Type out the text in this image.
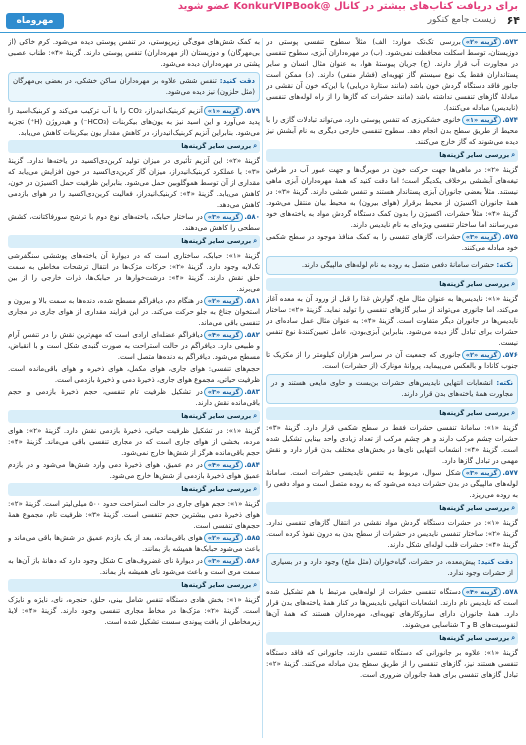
برای دریافت کتاب‌های بیشتر در کانال @KonkurVIPBook عضو شوید
۶۴
زیست جامع کنکور
مهروماه

۵۷۳.گزینه «۲»بررسی تک‌تک موارد: الف) مثلاً سطوح تنفسی پوستی در دوزیستان، توسط اسکلت محافظت نمی‌شود. (ب) در مهره‌داران آبزی، سطوح تنفسی در مجاورت آب قرار دارند. (ج) جریان پیوستهٔ هوا، به عنوان مثال انسان و سایر پستانداران فقط یک نوع سیستم گاز تهویه‌ای (فشار منفی) دارند. (د) ممکن است جانور فاقد دستگاه گردش خون باشد (مانند ستارهٔ دریایی) یا این‌که خون آن نقشی در مبادلهٔ گازهای تنفسی نداشته باشد (مانند حشرات که گازها را از راه لوله‌های تنفسی (نایدیس) مبادله می‌کنند).

۵۷۴.گزینه «۱»خانوی خشکی‌زی که تنفس پوستی دارد، می‌تواند تبادلات گازی را با محیط از طریق سطح بدن انجام دهد. سطوح تنفسی خارجی دیگری به نام آبشش نیز دیده می‌شوند که گاز خارج می‌کنند.

⌕بررسی سایر گزینه‌ها

گزینهٔ «۲»: در ماهی‌ها جهت حرکت خون در مویرگ‌ها و جهت عبور آب در طرفین تیغه‌های آبششی برخلاف یکدیگر است؛ اما دقت کنید که همهٔ مهره‌داران آبزی ماهی نیستند. مثلاً بعضی جانوران آبزی پستاندار هستند و تنفس ششی دارند. گزینهٔ «۳»: در همهٔ جانوران اکسیژن از محیط برقرار (هوای بیرون) به محیط بیان منتقل می‌شود. گزینهٔ «۴»: مثلاً حشرات، اکسیژن را بدون کمک دستگاه گردش مواد به یاخته‌های خود می‌رسانند اما ساختار تنفسی ویژه‌ای به نام نایدیس دارند.

۵۷۵.گزینه «۳»حشرات، گازهای تنفسی را به کمک منافذ موجود در سطح شکمی خود مبادله می‌کنند.

نکته: حشرات سامانهٔ دفعی متصل به روده به نام لوله‌های مالپیگی دارند.
⌕بررسی سایر گزینه‌ها

گزینهٔ «۱»: نایدیس‌ها به عنوان مثال ملخ، گوارش غذا را قبل از ورود آن به معده آغاز می‌کند، اما جانوری می‌تواند از سایر گازهای تنفسی را تولید نماید. گزینهٔ «۲»: ساختار نایدیس‌ها در جانوران دیگر متفاوت است. گزینهٔ «۴»: به عنوان مثال عمل ساده‌ای در حشرات برای تبادل گاز دیده می‌شود. بنابراین آبزی‌بودن، عامل تعیین‌کنندهٔ نوع تنفس نیست.

۵۷۶.گزینه «۲»جانوری که جمعیت آن در سراسر هزاران کیلومتر را از مکزیک تا جنوب کانادا و بالعکس می‌پیماید، پروانهٔ مونارک (از حشرات) است.

نکته: انشعابات انتهایی نایدیس‌های حشرات بن‌بست و حاوی مایعی هستند و در مجاورت همهٔ یاخته‌های بدن قرار دارند.
⌕بررسی سایر گزینه‌ها

گزینهٔ «۱»: سامانهٔ تنفسی حشرات فقط در سطح شکمی قرار دارد. گزینهٔ «۳»: حشرات چشم مرکب دارند و هر چشم مرکب از تعداد زیادی واحد بینایی تشکیل شده است. گزینهٔ «۴»: انشعاب انتهایی نای‌ها در بخش‌های مختلف بدن قرار دارد و نقش مهمی در تبادل گازها دارد.

۵۷۷.گزینه «۳»شکل سوال، مربوط به تنفس نایدیسی حشرات است. سامانهٔ لوله‌های مالپیگی در بدن حشرات دیده می‌شود که به روده متصل است و مواد دفعی را به روده می‌ریزد.

⌕بررسی سایر گزینه‌ها

گزینهٔ «۱»: در حشرات دستگاه گردش مواد نقشی در انتقال گازهای تنفسی ندارد. گزینهٔ «۲»: ساختار تنفسی نایدیس در حشرات از سطح بدن به درون نفوذ کرده است. گزینهٔ «۴»: حشرات قلب لوله‌ای شکل دارند.

دقت کنید: پیش‌معده، در حشرات، گیاه‌خواران (مثل ملخ) وجود دارد و در بسیاری از حشرات وجود ندارد.

۵۷۸.گزینه «۴»دستگاه تنفسی حشرات از لوله‌هایی مرتبط با هم تشکیل شده است که نایدیس نام دارند. انشعابات انتهایی نایدیس‌ها در کنار همهٔ یاخته‌های بدن قرار دارد. همهٔ جانوران دارای سازوکارهای تهویه‌ای، مهره‌داران هستند که همهٔ آن‌ها لنفوسیت‌های B و T شناسایی می‌شوند.

⌕بررسی سایر گزینه‌ها

گزینهٔ «۱»: علاوه بر جانورانی که دستگاه تنفسی دارند، جانورانی که فاقد دستگاه تنفسی هستند نیز، گازهای تنفسی را از طریق سطح بدن مبادله می‌کنند. گزینهٔ «۲»: تبادل گازهای تنفسی برای همهٔ جانوران ضروری است.

به کمک شش‌های موی‌گی زیرپوستی، در تنفس پوستی دیده می‌شود. کرم خاکی (از بی‌مهرگان) و دوزیستان (از مهره‌داران) تنفس پوستی دارند. گزینهٔ «۴»: طناب عصبی پشتی در مهره‌داران دیده می‌شود.

دقت کنید: تنفس ششی علاوه بر مهره‌داران ساکن خشکی، در بعضی بی‌مهرگان (مثل حلزون) نیز دیده می‌شود.

۵۷۹.گزینه «۱»آنزیم کربنیک‌انیدراز، CO₂ را با آب ترکیب می‌کند و کربنیک‌اسید را پدید می‌آورد و این اسید نیز به یون‌های بیکربنات (HCO₃⁻) و هیدروژن (H⁺) تجزیه می‌شود. بنابراین آنزیم کربنیک‌انیدراز، در کاهش مقدار یون بیکربنات کاهش می‌یابد.

⌕بررسی سایر گزینه‌ها

گزینهٔ «۲»: این آنزیم تأثیری در میزان تولید کربن‌دی‌اکسید در یاخته‌ها ندارد. گزینهٔ «۳»: با عملکرد کربنیک‌انیدراز، میزان گاز کربن‌دی‌اکسید در خون افزایش می‌یابد که مقداری از آن توسط هموگلوبین حمل می‌شود. بنابراین ظرفیت حمل اکسیژن در خون، کاهش می‌یابد. گزینهٔ «۴»: کربنیک‌انیدراز، فعالیت کربن‌دی‌اکسید را در هوای بازدمی کاهش می‌دهد.

۵۸۰.گزینه «۳»در ساختار حبابک، یاخته‌های نوع دوم با ترشح سورفاکتانت، کشش سطحی را کاهش می‌دهند.

⌕بررسی سایر گزینه‌ها

گزینهٔ «۱»: حبابک، ساختاری است که در دیوارهٔ آن یاخته‌های پوششی سنگفرشی تک‌لایه وجود دارد. گزینهٔ «۲»: حرکات مژک‌ها در انتقال ترشحات مخاطی به سمت حلق نقش دارند. گزینهٔ «۴»: درشت‌خوارها در حبابک‌ها، ذرات خارجی را از بین می‌برند.

۵۸۱.گزینه «۲»در هنگام دم، دیافراگم مسطح شده، دنده‌ها به سمت بالا و بیرون و استخوان جناغ به جلو حرکت می‌کند. در این فرایند مقداری از هوای جاری در مجاری تنفسی باقی می‌ماند.

۵۸۲.گزینه «۴»دیافراگم عضله‌ای ارادی است که مهم‌ترین نقش را در تنفس آرام و طبیعی دارد. دیافراگم در حالت استراحت به صورت گنبدی شکل است و با انقباض، مسطح می‌شود. دیافراگم به دنده‌ها متصل است.

حجم‌های تنفسی: هوای جاری، هوای مکمل، هوای ذخیره و هوای باقی‌مانده است. ظرفیت حیاتی، مجموع هوای جاری، ذخیرهٔ دمی و ذخیرهٔ بازدمی است.

۵۸۳.گزینه «۳»در تشکیل ظرفیت تام تنفسی، حجم ذخیرهٔ بازدمی و حجم باقی‌مانده نقش دارند.

⌕بررسی سایر گزینه‌ها

گزینهٔ «۱»: در تشکیل ظرفیت حیاتی، ذخیرهٔ بازدمی نقش دارد. گزینهٔ «۲»: هوای مرده، بخشی از هوای جاری است که در مجاری تنفسی باقی می‌ماند. گزینهٔ «۴»: حجم باقی‌مانده هرگز از شش‌ها خارج نمی‌شود.

۵۸۴.گزینه «۴»در دم عمیق، هوای ذخیرهٔ دمی وارد شش‌ها می‌شود و در بازدم عمیق هوای ذخیرهٔ بازدمی از شش‌ها خارج می‌شود.

⌕بررسی سایر گزینه‌ها

گزینهٔ «۱»: حجم هوای جاری در حالت استراحت حدود ۵۰۰ میلی‌لیتر است. گزینهٔ «۲»: هوای ذخیرهٔ دمی بیشترین حجم تنفسی است. گزینهٔ «۳»: ظرفیت تام، مجموع همهٔ حجم‌های تنفسی است.

۵۸۵.گزینه «۲»هوای باقی‌مانده، بعد از یک بازدم عمیق در شش‌ها باقی می‌ماند و باعث می‌شود حبابک‌ها همیشه باز بمانند.

۵۸۶.گزینه «۳»در دیوارهٔ نای غضروف‌های C شکل وجود دارد که دهانهٔ باز آن‌ها به سمت مری است و باعث می‌شود نای همیشه باز بماند.

⌕بررسی سایر گزینه‌ها

گزینهٔ «۱»: بخش هادی دستگاه تنفس شامل بینی، حلق، حنجره، نای، نایژه و نایژک است. گزینهٔ «۲»: مژک‌ها در مخاط مجاری تنفسی وجود دارند. گزینهٔ «۴»: لایهٔ زیرمخاطی از بافت پیوندی سست تشکیل شده است.
